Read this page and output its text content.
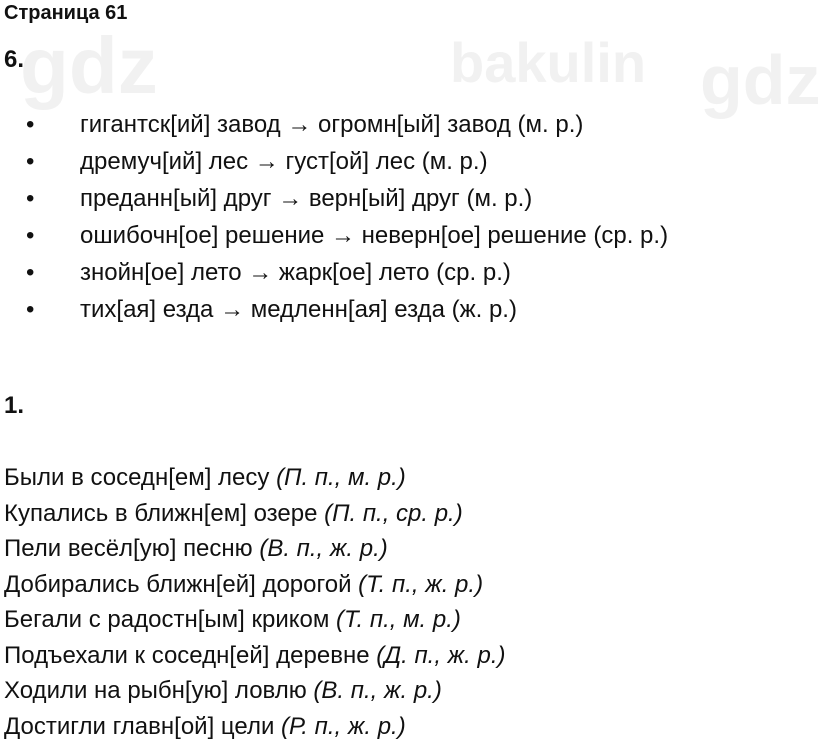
gdz	bakulin gdz
Страница 61
6.
• гигантск[ий] завод → огромн[ый] завод (м. р.)
• дремуч[ий] лес → густ[ой] лес (м. р.)
• преданн[ый] друг → верн[ый] друг (м. р.)
• ошибочн[ое] решение → неверн[ое] решение (ср. р.)
• знойн[ое] лето → жарк[ое] лето (ср. р.)
• тих[ая] езда → медленн[ая] езда (ж. р.)
1.
Были в соседн[ем] лесу (П. п., м. р.)
Купались в ближн[ем] озере (П. п., ср. р.)
Пели весёл[ую] песню (В. п., ж. р.)
Добирались ближн[ей] дорогой (Т. п., ж. р.)
Бегали с радостн[ым] криком (Т. п., м. р.)
Подъехали к соседн[ей] деревне (Д. п., ж. р.)
Ходили на рыбн[ую] ловлю (В. п., ж. р.)
Достигли главн[ой] цели (Р. п., ж. р.)
